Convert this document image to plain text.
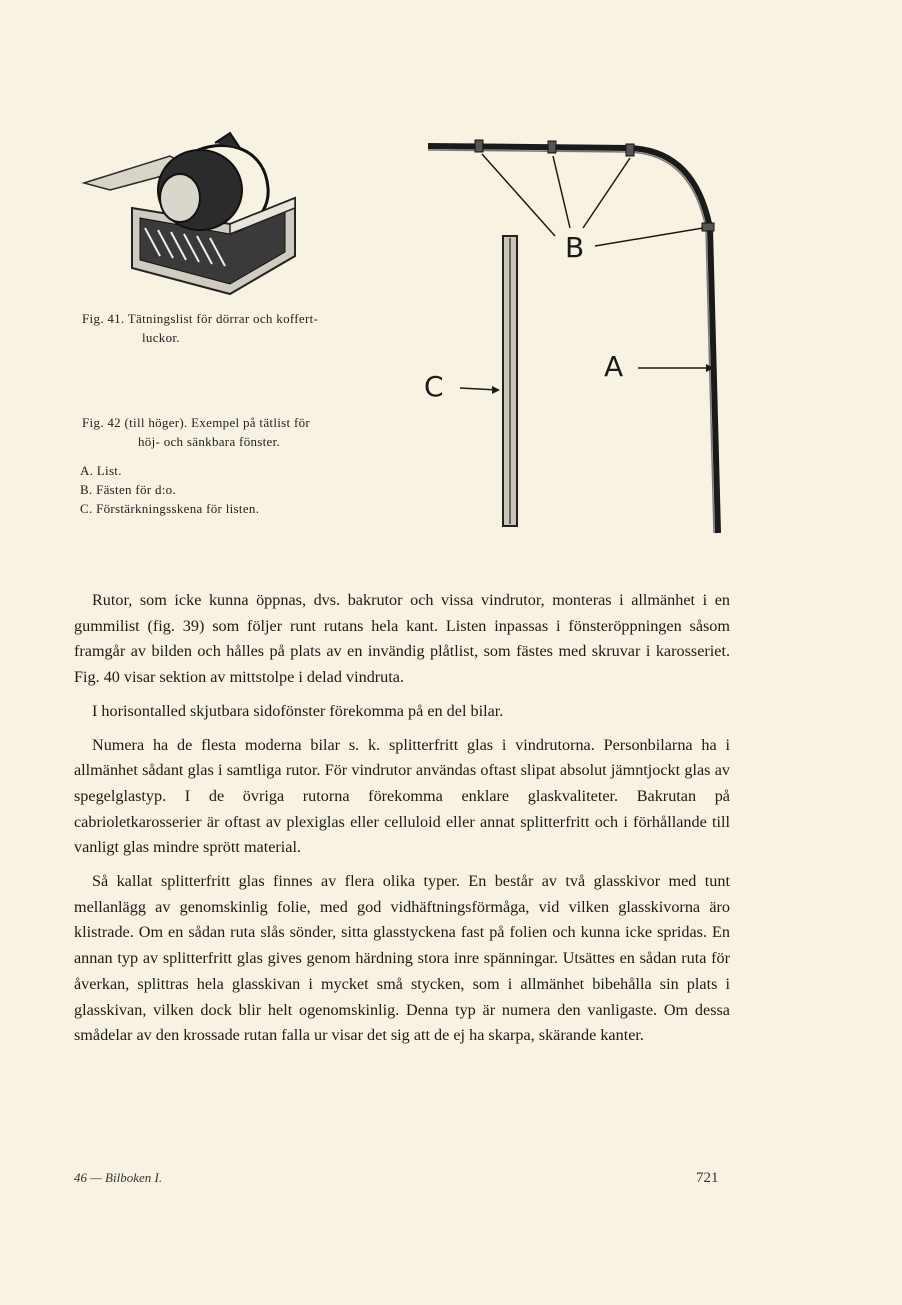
B
A
C
Fig. 41. Tätningslist för dörrar och koffert-
luckor.
Fig. 42 (till höger). Exempel på tätlist för
höj- och sänkbara fönster.
A. List.
B. Fästen för d:o.
C. Förstärkningsskena för listen.

Rutor, som icke kunna öppnas, dvs. bakrutor och vissa vindrutor, monteras i allmänhet i en gummilist (fig. 39) som följer runt rutans hela kant. Listen inpassas i fönsteröppningen såsom framgår av bilden och hålles på plats av en invändig plåtlist, som fästes med skruvar i karosseriet. Fig. 40 visar sektion av mittstolpe i delad vindruta.

I horisontalled skjutbara sidofönster förekomma på en del bilar.

Numera ha de flesta moderna bilar s. k. splitterfritt glas i vindrutorna. Personbilarna ha i allmänhet sådant glas i samtliga rutor. För vindrutor användas oftast slipat absolut jämntjockt glas av spegelglastyp. I de övriga rutorna förekomma enklare glaskvaliteter. Bakrutan på cabrioletkarosserier är oftast av plexiglas eller celluloid eller annat splitterfritt och i förhållande till vanligt glas mindre sprött material.

Så kallat splitterfritt glas finnes av flera olika typer. En består av två glasskivor med tunt mellanlägg av genomskinlig folie, med god vidhäftningsförmåga, vid vilken glasskivorna äro klistrade. Om en sådan ruta slås sönder, sitta glasstyckena fast på folien och kunna icke spridas. En annan typ av splitterfritt glas gives genom härdning stora inre spänningar. Utsättes en sådan ruta för åverkan, splittras hela glasskivan i mycket små stycken, som i allmänhet bibehålla sin plats i glasskivan, vilken dock blir helt ogenomskinlig. Denna typ är numera den vanligaste. Om dessa smådelar av den krossade rutan falla ur visar det sig att de ej ha skarpa, skärande kanter.

46 — Bilboken I.	721
